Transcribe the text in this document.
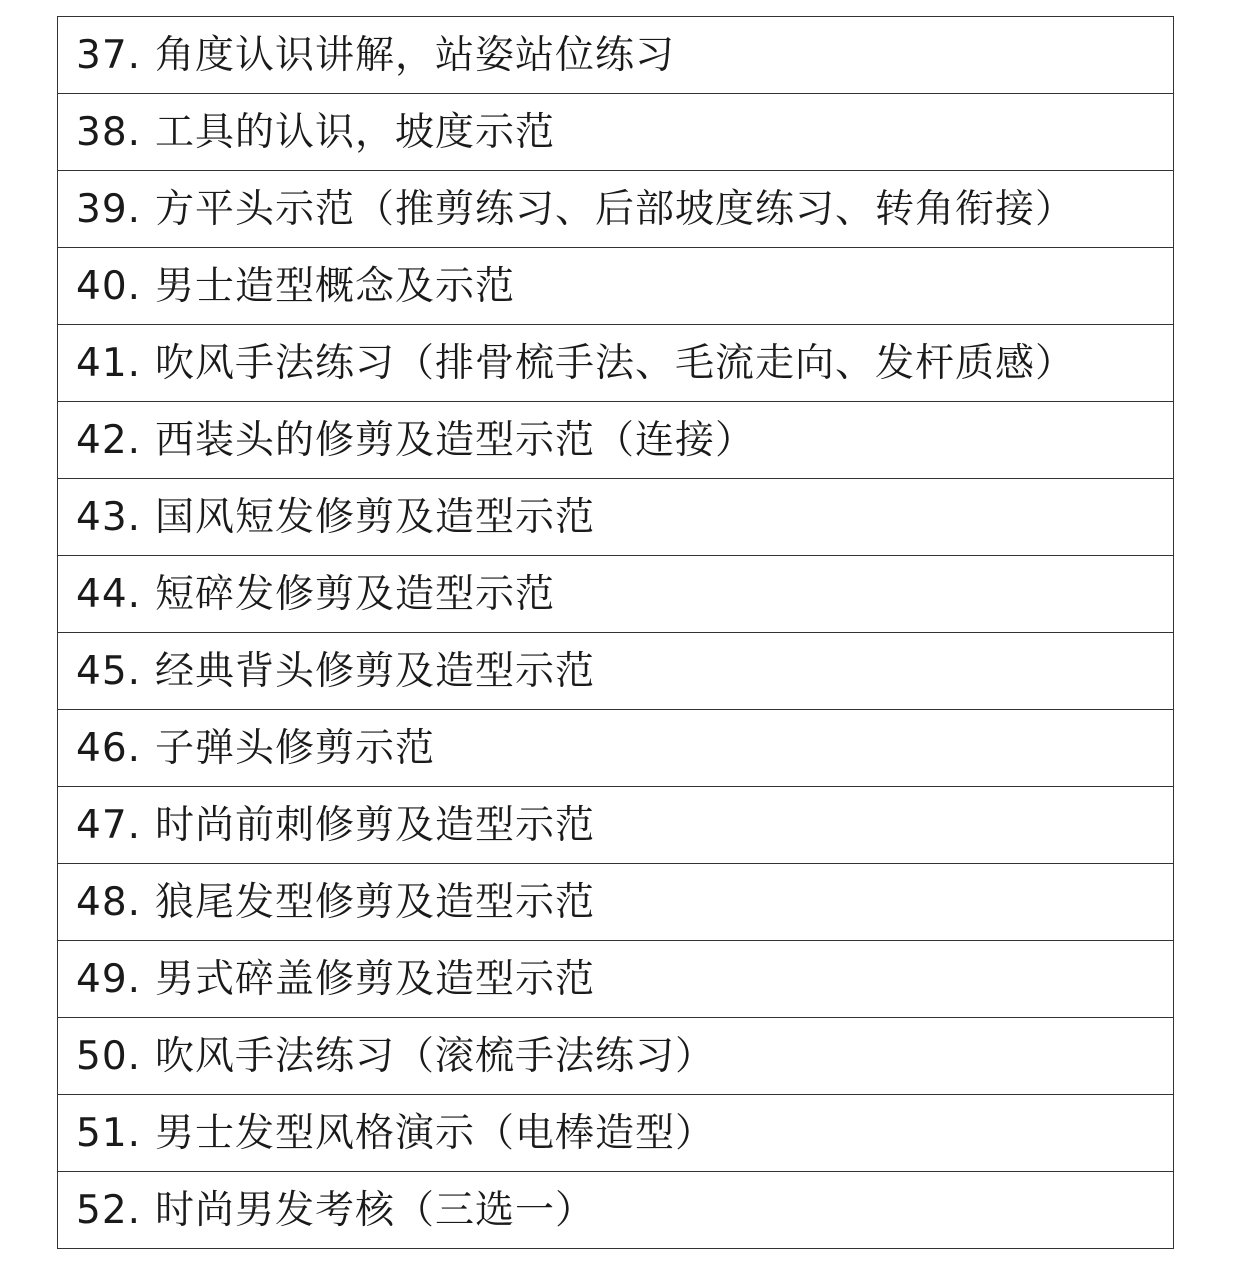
37. 角度认识讲解，站姿站位练习
38. 工具的认识，坡度示范
39. 方平头示范（推剪练习、后部坡度练习、转角衔接）
40. 男士造型概念及示范
41. 吹风手法练习（排骨梳手法、毛流走向、发杆质感）
42. 西装头的修剪及造型示范（连接）
43. 国风短发修剪及造型示范
44. 短碎发修剪及造型示范
45. 经典背头修剪及造型示范
46. 子弹头修剪示范
47. 时尚前刺修剪及造型示范
48. 狼尾发型修剪及造型示范
49. 男式碎盖修剪及造型示范
50. 吹风手法练习（滚梳手法练习）
51. 男士发型风格演示（电棒造型）
52. 时尚男发考核（三选一）
